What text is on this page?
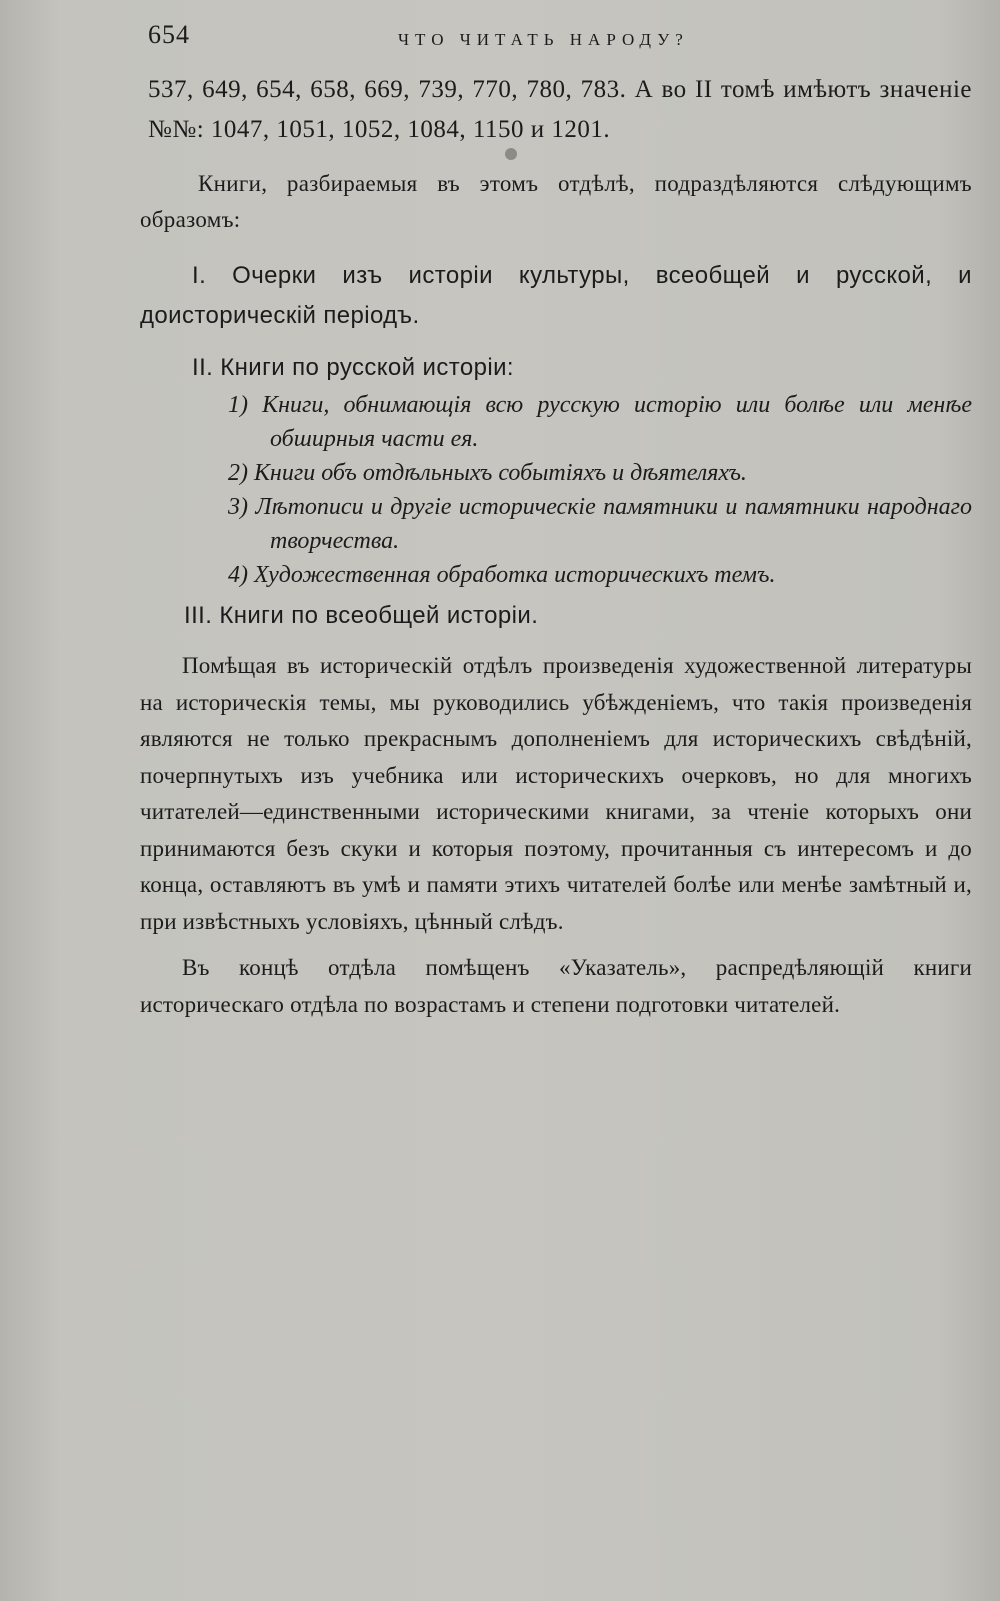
654	ЧТО ЧИТАТЬ НАРОДУ?

537, 649, 654, 658, 669, 739, 770, 780, 783. А во II томѣ имѣютъ значеніе №№: 1047, 1051, 1052, 1084, 1150 и 1201.

Книги, разбираемыя въ этомъ отдѣлѣ, подраздѣляются слѣдующимъ образомъ:

I. Очерки изъ исторіи культуры, всеобщей и русской, и доисторическій періодъ.

II. Книги по русской исторіи:

1) Книги, обнимающія всю русскую исторію или болѣе или менѣе обширныя части ея.

2) Книги объ отдѣльныхъ событіяхъ и дѣятеляхъ.

3) Лѣтописи и другіе историческіе памятники и памятники народнаго творчества.

4) Художественная обработка историческихъ темъ.

III. Книги по всеобщей исторіи.

Помѣщая въ историческій отдѣлъ произведенія художественной литературы на историческія темы, мы руководились убѣжденіемъ, что такія произведенія являются не только прекраснымъ дополненіемъ для историческихъ свѣдѣній, почерпнутыхъ изъ учебника или историческихъ очерковъ, но для многихъ читателей—единственными историческими книгами, за чтеніе которыхъ они принимаются безъ скуки и которыя поэтому, прочитанныя съ интересомъ и до конца, оставляютъ въ умѣ и памяти этихъ читателей болѣе или менѣе замѣтный и, при извѣстныхъ условіяхъ, цѣнный слѣдъ.

Въ концѣ отдѣла помѣщенъ «Указатель», распредѣляющій книги историческаго отдѣла по возрастамъ и степени подготовки читателей.
